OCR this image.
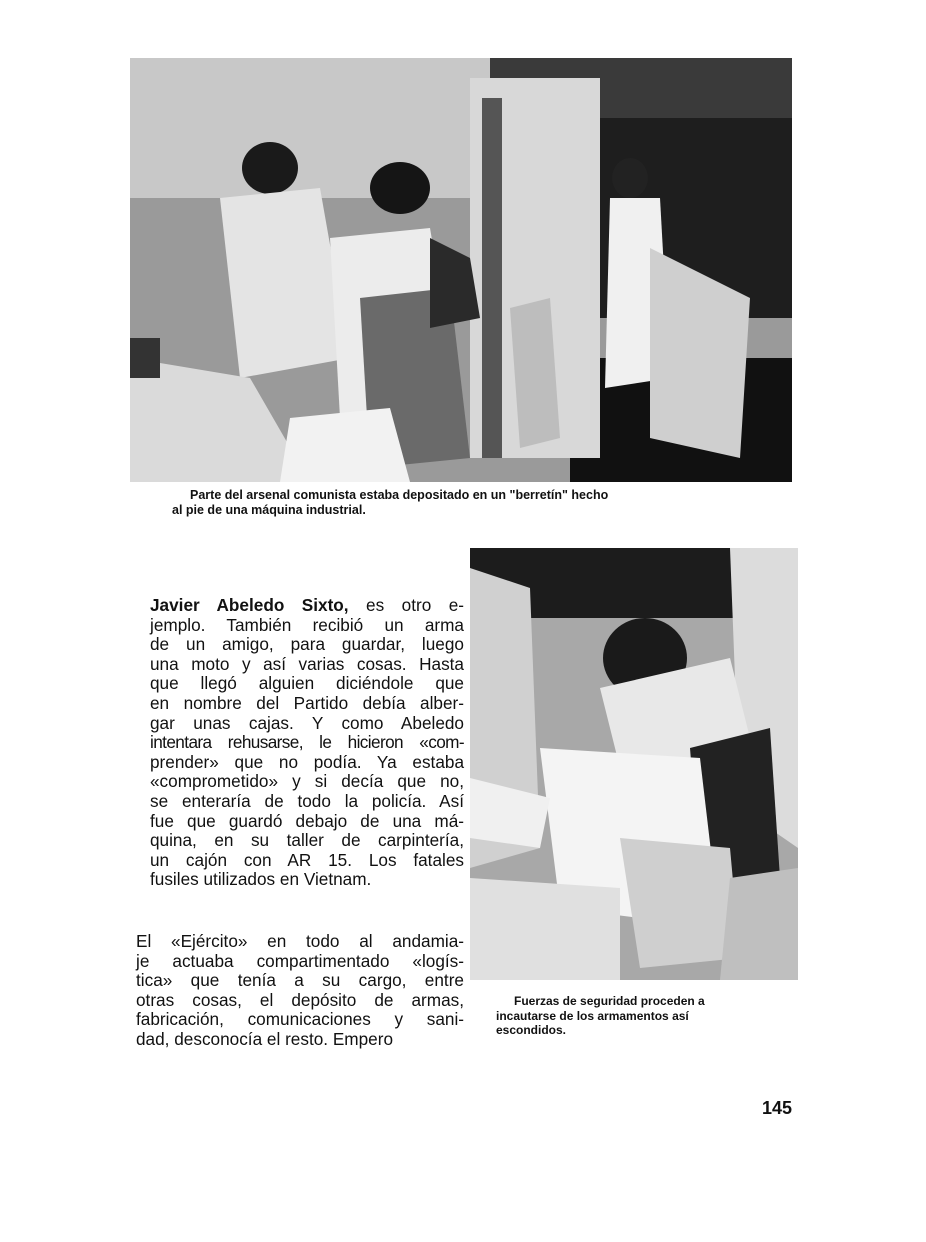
Parte del arsenal comunista estaba depositado en un "berretín" hecho
al pie de una máquina industrial.
Fuerzas de seguridad proceden a
incautarse de los armamentos así
escondidos.
Javier Abeledo Sixto, es otro e-
jemplo. También recibió un arma
de un amigo, para guardar, luego
una moto y así varias cosas. Hasta
que llegó alguien diciéndole que
en nombre del Partido debía alber-
gar unas cajas. Y como Abeledo
intentara rehusarse, le hicieron «com-
prender» que no podía. Ya estaba
«comprometido» y si decía que no,
se enteraría de todo la policía. Así
fue que guardó debajo de una má-
quina, en su taller de carpintería,
un cajón con AR 15. Los fatales
fusiles utilizados en Vietnam.
El «Ejército» en todo al andamia-
je actuaba compartimentado «logís-
tica» que tenía a su cargo, entre
otras cosas, el depósito de armas,
fabricación, comunicaciones y sani-
dad, desconocía el resto. Empero
145
